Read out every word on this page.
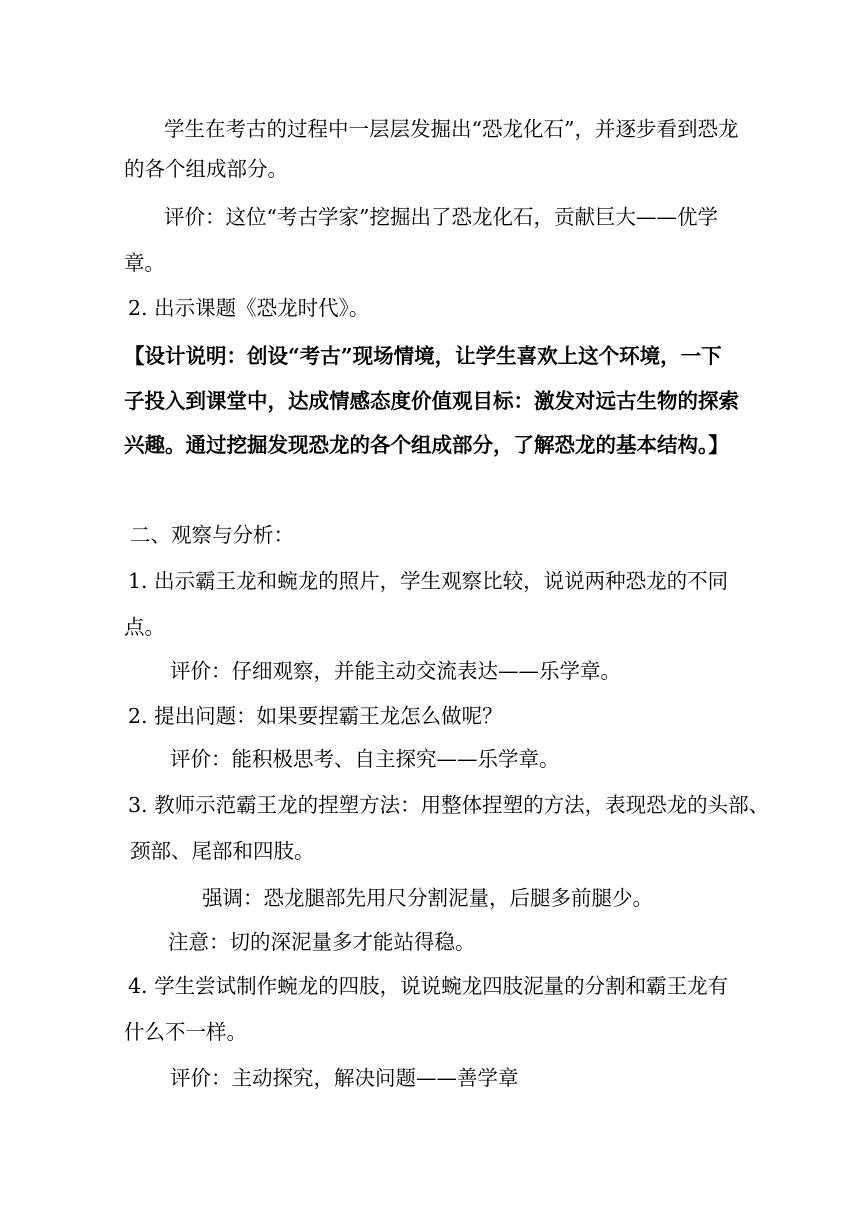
学生在考古的过程中一层层发掘出“恐龙化石”，并逐步看到恐龙
的各个组成部分。
评价：这位“考古学家”挖掘出了恐龙化石，贡献巨大——优学
章。
2. 出示课题《恐龙时代》。
【设计说明：创设“考古”现场情境，让学生喜欢上这个环境，一下
子投入到课堂中，达成情感态度价值观目标：激发对远古生物的探索
兴趣。通过挖掘发现恐龙的各个组成部分，了解恐龙的基本结构。】
二、观察与分析：
1. 出示霸王龙和蜿龙的照片，学生观察比较，说说两种恐龙的不同
点。
评价：仔细观察，并能主动交流表达——乐学章。
2. 提出问题：如果要捏霸王龙怎么做呢？
评价：能积极思考、自主探究——乐学章。
3. 教师示范霸王龙的捏塑方法：用整体捏塑的方法，表现恐龙的头部、
颈部、尾部和四肢。
强调：恐龙腿部先用尺分割泥量，后腿多前腿少。
注意：切的深泥量多才能站得稳。
4. 学生尝试制作蜿龙的四肢，说说蜿龙四肢泥量的分割和霸王龙有
什么不一样。
评价：主动探究，解决问题——善学章
